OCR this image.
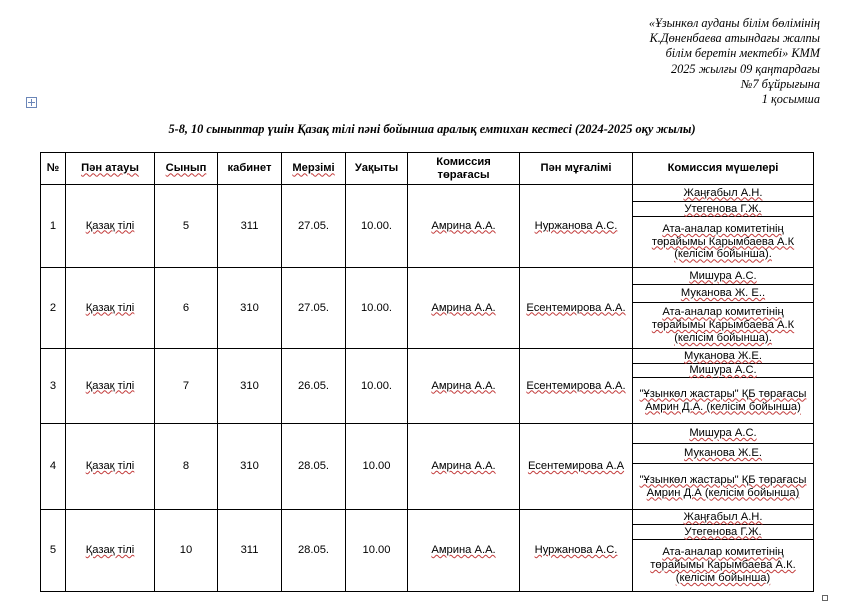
«Ұзынкөл ауданы білім бөлімінің
К.Дөненбаева атындағы жалпы
білім беретін мектебі» КММ
2025 жылғы 09 қаңтардағы
№7 бұйрығына
1 қосымша
5-8, 10 сыныптар үшін Қазақ тілі пәні бойынша аралық емтихан кестесі (2024-2025 оқу жылы)
№	Пән атауы	Сынып	кабинет	Мерзімі	Уақыты	Комиссия төрағасы	Пән мұғалімі	Комиссия мүшелері
1	Қазақ тілі	5	311	27.05.	10.00.	Амрина А.А.	Нуржанова А.С.	Жаңғабыл А.Н.
								Утегенова Г.Ж.
								Ата-аналар комитетінің төрайымы Карымбаева А.К (келісім бойынша).
2	Қазақ тілі	6	310	27.05.	10.00.	Амрина А.А.	Есентемирова А.А.	Мишура А.С.
								Муканова Ж. Е..
								Ата-аналар комитетінің төрайымы Карымбаева А.К (келісім бойынша).
3	Қазақ тілі	7	310	26.05.	10.00.	Амрина А.А.	Есентемирова А.А.	Муканова Ж.Е.
								Мишура А.С.
								"Ұзынкөл жастары" ҚБ төрағасы Амрин Д.А. (келісім бойынша)
4	Қазақ тілі	8	310	28.05.	10.00	Амрина А.А.	Есентемирова А.А	Мишура А.С.
								Муканова Ж.Е.
								"Ұзынкөл жастары" ҚБ төрағасы Амрин Д.А (келісім бойынша)
5	Қазақ тілі	10	311	28.05.	10.00	Амрина А.А.	Нуржанова А.С.	Жаңғабыл А.Н.
								Утегенова Г.Ж.
								Ата-аналар комитетінің төрайымы Карымбаева А.К. (келісім бойынша)
